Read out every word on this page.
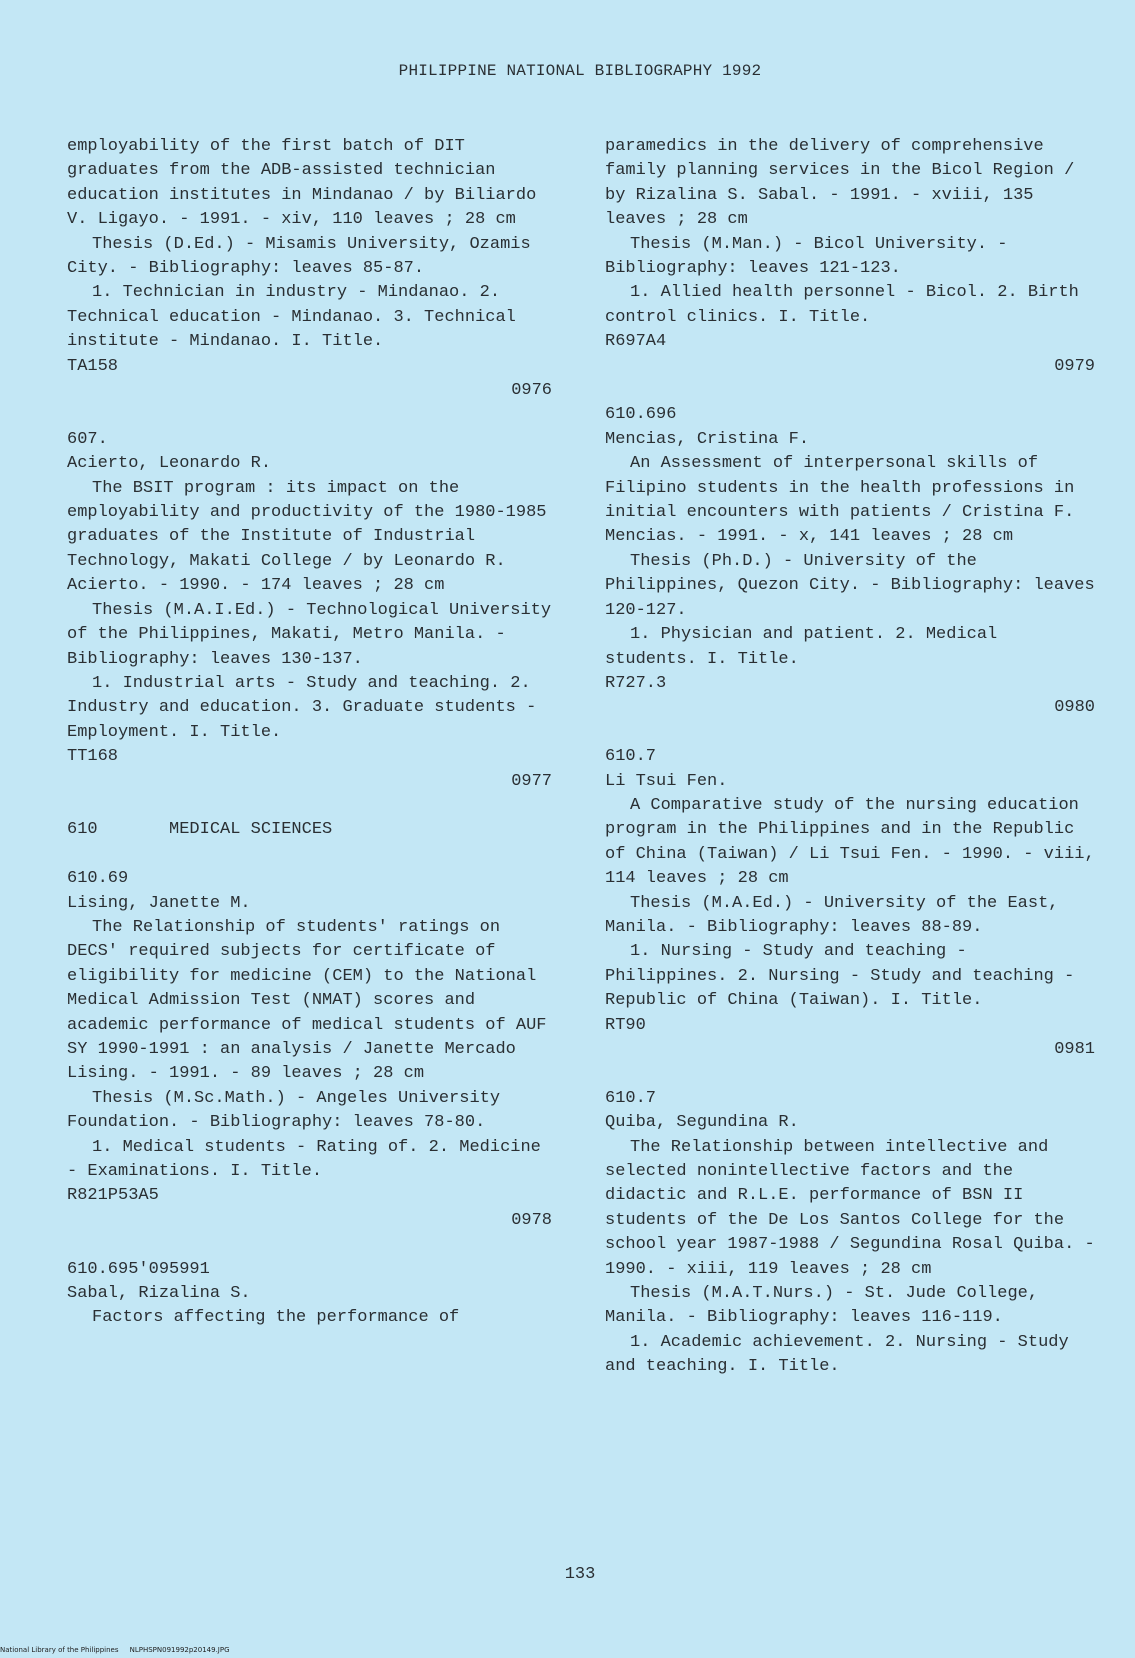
PHILIPPINE NATIONAL BIBLIOGRAPHY 1992

employability of the first batch of DIT graduates from the ADB-assisted technician education institutes in Mindanao / by Biliardo V. Ligayo. - 1991. - xiv, 110 leaves ; 28 cm

Thesis (D.Ed.) - Misamis University, Ozamis City. - Bibliography: leaves 85-87.

1. Technician in industry - Mindanao. 2. Technical education - Mindanao. 3. Technical institute - Mindanao. I. Title.

TA158

0976

607.

Acierto, Leonardo R.

The BSIT program : its impact on the employability and productivity of the 1980-1985 graduates of the Institute of Industrial Technology, Makati College / by Leonardo R. Acierto. - 1990. - 174 leaves ; 28 cm

Thesis (M.A.I.Ed.) - Technological University of the Philippines, Makati, Metro Manila. - Bibliography: leaves 130-137.

1. Industrial arts - Study and teaching. 2. Industry and education. 3. Graduate students - Employment. I. Title.

TT168

0977

610       MEDICAL SCIENCES

610.69

Lising, Janette M.

The Relationship of students' ratings on DECS' required subjects for certificate of eligibility for medicine (CEM) to the National Medical Admission Test (NMAT) scores and academic performance of medical students of AUF SY 1990-1991 : an analysis / Janette Mercado Lising. - 1991. - 89 leaves ; 28 cm

Thesis (M.Sc.Math.) - Angeles University Foundation. - Bibliography: leaves 78-80.

1. Medical students - Rating of. 2. Medicine - Examinations. I. Title.

R821P53A5

0978

610.695'095991

Sabal, Rizalina S.

Factors affecting the performance of

paramedics in the delivery of comprehensive family planning services in the Bicol Region / by Rizalina S. Sabal. - 1991. - xviii, 135 leaves ; 28 cm

Thesis (M.Man.) - Bicol University. - Bibliography: leaves 121-123.

1. Allied health personnel - Bicol. 2. Birth control clinics. I. Title.

R697A4

0979

610.696

Mencias, Cristina F.

An Assessment of interpersonal skills of Filipino students in the health professions in initial encounters with patients / Cristina F. Mencias. - 1991. - x, 141 leaves ; 28 cm

Thesis (Ph.D.) - University of the Philippines, Quezon City. - Bibliography: leaves 120-127.

1. Physician and patient. 2. Medical students. I. Title.

R727.3

0980

610.7

Li Tsui Fen.

A Comparative study of the nursing education program in the Philippines and in the Republic of China (Taiwan) / Li Tsui Fen. - 1990. - viii, 114 leaves ; 28 cm

Thesis (M.A.Ed.) - University of the East, Manila. - Bibliography: leaves 88-89.

1. Nursing - Study and teaching - Philippines. 2. Nursing - Study and teaching - Republic of China (Taiwan). I. Title.

RT90

0981

610.7

Quiba, Segundina R.

The Relationship between intellective and selected nonintellective factors and the didactic and R.L.E. performance of BSN II students of the De Los Santos College for the school year 1987-1988 / Segundina Rosal Quiba. - 1990. - xiii, 119 leaves ; 28 cm

Thesis (M.A.T.Nurs.) - St. Jude College, Manila. - Bibliography: leaves 116-119.

1. Academic achievement. 2. Nursing - Study and teaching. I. Title.

133
National Library of the Philippines     NLPHSPN091992p20149.JPG
